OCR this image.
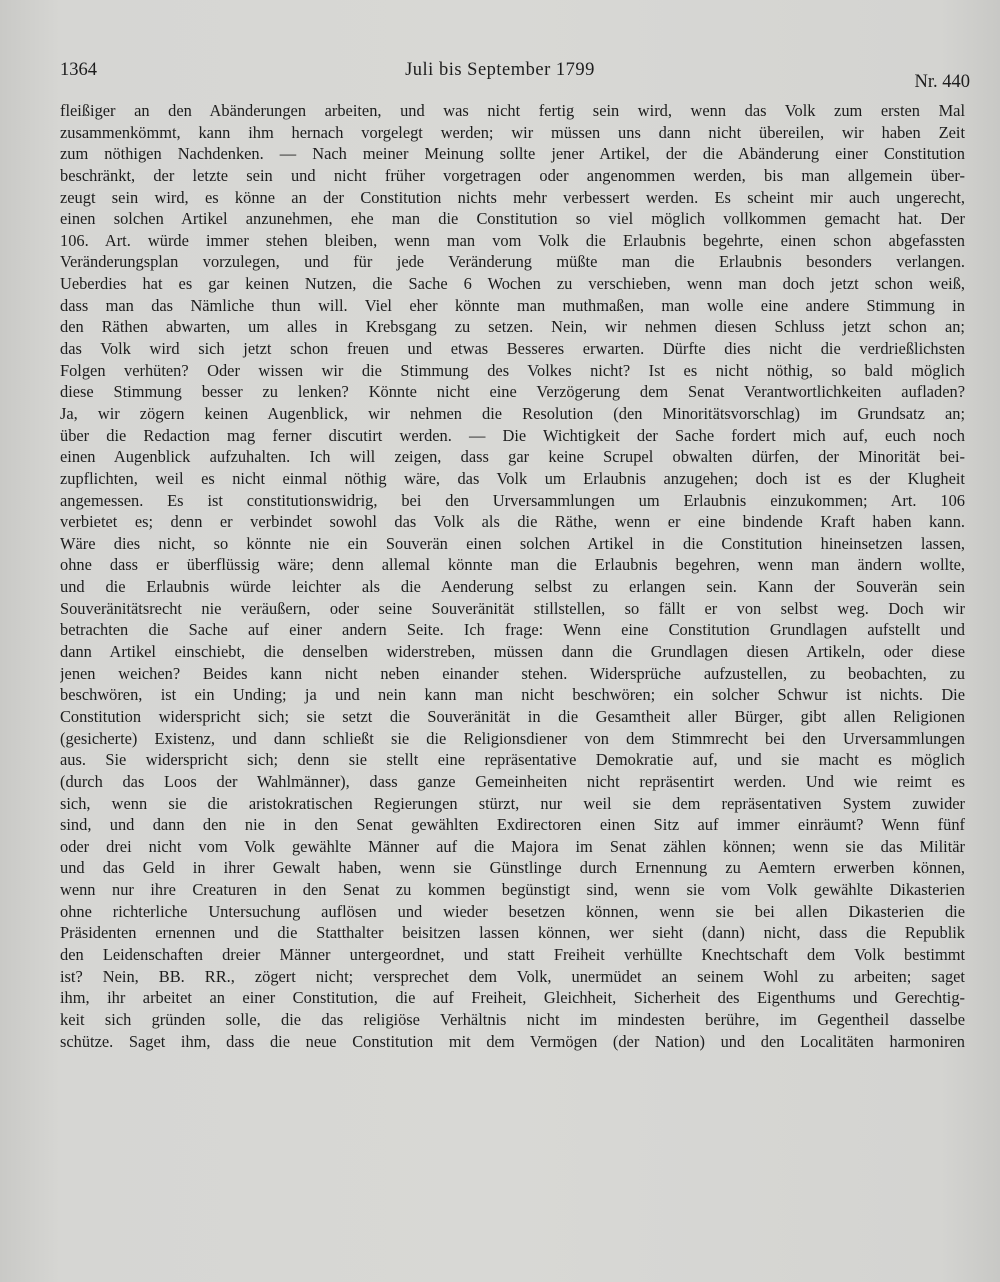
1364	Juli bis September 1799
Nr. 440
fleißiger an den Abänderungen arbeiten, und was nicht fertig sein wird, wenn das Volk zum ersten Mal
zusammenkömmt, kann ihm hernach vorgelegt werden; wir müssen uns dann nicht übereilen, wir haben Zeit
zum nöthigen Nachdenken. — Nach meiner Meinung sollte jener Artikel, der die Abänderung einer Constitution
beschränkt, der letzte sein und nicht früher vorgetragen oder angenommen werden, bis man allgemein über-
zeugt sein wird, es könne an der Constitution nichts mehr verbessert werden. Es scheint mir auch ungerecht,
einen solchen Artikel anzunehmen, ehe man die Constitution so viel möglich vollkommen gemacht hat. Der
106. Art. würde immer stehen bleiben, wenn man vom Volk die Erlaubnis begehrte, einen schon abgefassten
Veränderungsplan vorzulegen, und für jede Veränderung müßte man die Erlaubnis besonders verlangen.
Ueberdies hat es gar keinen Nutzen, die Sache 6 Wochen zu verschieben, wenn man doch jetzt schon weiß,
dass man das Nämliche thun will. Viel eher könnte man muthmaßen, man wolle eine andere Stimmung in
den Räthen abwarten, um alles in Krebsgang zu setzen. Nein, wir nehmen diesen Schluss jetzt schon an;
das Volk wird sich jetzt schon freuen und etwas Besseres erwarten. Dürfte dies nicht die verdrießlichsten
Folgen verhüten? Oder wissen wir die Stimmung des Volkes nicht? Ist es nicht nöthig, so bald möglich
diese Stimmung besser zu lenken? Könnte nicht eine Verzögerung dem Senat Verantwortlichkeiten aufladen?
Ja, wir zögern keinen Augenblick, wir nehmen die Resolution (den Minoritätsvorschlag) im Grundsatz an;
über die Redaction mag ferner discutirt werden. — Die Wichtigkeit der Sache fordert mich auf, euch noch
einen Augenblick aufzuhalten. Ich will zeigen, dass gar keine Scrupel obwalten dürfen, der Minorität bei-
zupflichten, weil es nicht einmal nöthig wäre, das Volk um Erlaubnis anzugehen; doch ist es der Klugheit
angemessen. Es ist constitutionswidrig, bei den Urversammlungen um Erlaubnis einzukommen; Art. 106
verbietet es; denn er verbindet sowohl das Volk als die Räthe, wenn er eine bindende Kraft haben kann.
Wäre dies nicht, so könnte nie ein Souverän einen solchen Artikel in die Constitution hineinsetzen lassen,
ohne dass er überflüssig wäre; denn allemal könnte man die Erlaubnis begehren, wenn man ändern wollte,
und die Erlaubnis würde leichter als die Aenderung selbst zu erlangen sein. Kann der Souverän sein
Souveränitätsrecht nie veräußern, oder seine Souveränität stillstellen, so fällt er von selbst weg. Doch wir
betrachten die Sache auf einer andern Seite. Ich frage: Wenn eine Constitution Grundlagen aufstellt und
dann Artikel einschiebt, die denselben widerstreben, müssen dann die Grundlagen diesen Artikeln, oder diese
jenen weichen? Beides kann nicht neben einander stehen. Widersprüche aufzustellen, zu beobachten, zu
beschwören, ist ein Unding; ja und nein kann man nicht beschwören; ein solcher Schwur ist nichts. Die
Constitution widerspricht sich; sie setzt die Souveränität in die Gesamtheit aller Bürger, gibt allen Religionen
(gesicherte) Existenz, und dann schließt sie die Religionsdiener von dem Stimmrecht bei den Urversammlungen
aus. Sie widerspricht sich; denn sie stellt eine repräsentative Demokratie auf, und sie macht es möglich
(durch das Loos der Wahlmänner), dass ganze Gemeinheiten nicht repräsentirt werden. Und wie reimt es
sich, wenn sie die aristokratischen Regierungen stürzt, nur weil sie dem repräsentativen System zuwider
sind, und dann den nie in den Senat gewählten Exdirectoren einen Sitz auf immer einräumt? Wenn fünf
oder drei nicht vom Volk gewählte Männer auf die Majora im Senat zählen können; wenn sie das Militär
und das Geld in ihrer Gewalt haben, wenn sie Günstlinge durch Ernennung zu Aemtern erwerben können,
wenn nur ihre Creaturen in den Senat zu kommen begünstigt sind, wenn sie vom Volk gewählte Dikasterien
ohne richterliche Untersuchung auflösen und wieder besetzen können, wenn sie bei allen Dikasterien die
Präsidenten ernennen und die Statthalter beisitzen lassen können, wer sieht (dann) nicht, dass die Republik
den Leidenschaften dreier Männer untergeordnet, und statt Freiheit verhüllte Knechtschaft dem Volk bestimmt
ist? Nein, BB. RR., zögert nicht; versprechet dem Volk, unermüdet an seinem Wohl zu arbeiten; saget
ihm, ihr arbeitet an einer Constitution, die auf Freiheit, Gleichheit, Sicherheit des Eigenthums und Gerechtig-
keit sich gründen solle, die das religiöse Verhältnis nicht im mindesten berühre, im Gegentheil dasselbe
schütze. Saget ihm, dass die neue Constitution mit dem Vermögen (der Nation) und den Localitäten harmoniren
